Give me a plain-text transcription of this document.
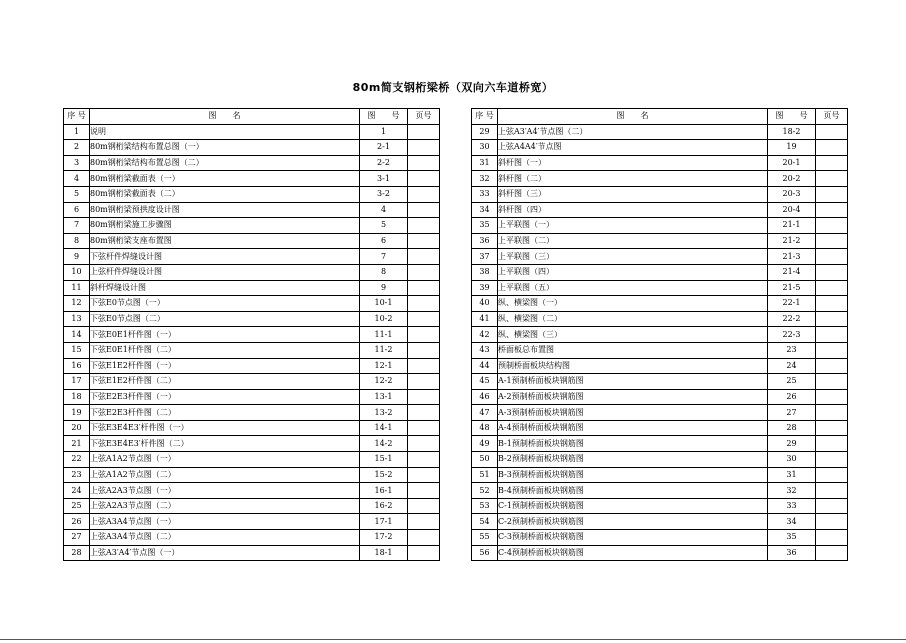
80m简支钢桁梁桥（双向六车道桥宽）
序 号	图　　名	图　　号	页号
1	说明	1	
2	80m钢桁梁结构布置总图（一）	2-1	
3	80m钢桁梁结构布置总图（二）	2-2	
4	80m钢桁梁截面表（一）	3-1	
5	80m钢桁梁截面表（二）	3-2	
6	80m钢桁梁预拱度设计图	4	
7	80m钢桁梁施工步骤图	5	
8	80m钢桁梁支座布置图	6	
9	下弦杆件焊缝设计图	7	
10	上弦杆件焊缝设计图	8	
11	斜杆焊缝设计图	9	
12	下弦E0节点图（一）	10-1	
13	下弦E0节点图（二）	10-2	
14	下弦E0E1杆件图（一）	11-1	
15	下弦E0E1杆件图（二）	11-2	
16	下弦E1E2杆件图（一）	12-1	
17	下弦E1E2杆件图（二）	12-2	
18	下弦E2E3杆件图（一）	13-1	
19	下弦E2E3杆件图（二）	13-2	
20	下弦E3E4E3′杆件图（一）	14-1	
21	下弦E3E4E3′杆件图（二）	14-2	
22	上弦A1A2节点图（一）	15-1	
23	上弦A1A2节点图（二）	15-2	
24	上弦A2A3节点图（一）	16-1	
25	上弦A2A3节点图（二）	16-2	
26	上弦A3A4节点图（一）	17-1	
27	上弦A3A4节点图（二）	17-2	
28	上弦A3′A4′节点图（一）	18-1	
序 号	图　　名	图　　号	页号
29	上弦A3′A4′节点图（二）	18-2	
30	上弦A4A4′节点图	19	
31	斜杆图（一）	20-1	
32	斜杆图（二）	20-2	
33	斜杆图（三）	20-3	
34	斜杆图（四）	20-4	
35	上平联图（一）	21-1	
36	上平联图（二）	21-2	
37	上平联图（三）	21-3	
38	上平联图（四）	21-4	
39	上平联图（五）	21-5	
40	纵、横梁图（一）	22-1	
41	纵、横梁图（二）	22-2	
42	纵、横梁图（三）	22-3	
43	桥面板总布置图	23	
44	预制桥面板块结构图	24	
45	A-1预制桥面板块钢筋图	25	
46	A-2预制桥面板块钢筋图	26	
47	A-3预制桥面板块钢筋图	27	
48	A-4预制桥面板块钢筋图	28	
49	B-1预制桥面板块钢筋图	29	
50	B-2预制桥面板块钢筋图	30	
51	B-3预制桥面板块钢筋图	31	
52	B-4预制桥面板块钢筋图	32	
53	C-1预制桥面板块钢筋图	33	
54	C-2预制桥面板块钢筋图	34	
55	C-3预制桥面板块钢筋图	35	
56	C-4预制桥面板块钢筋图	36	
